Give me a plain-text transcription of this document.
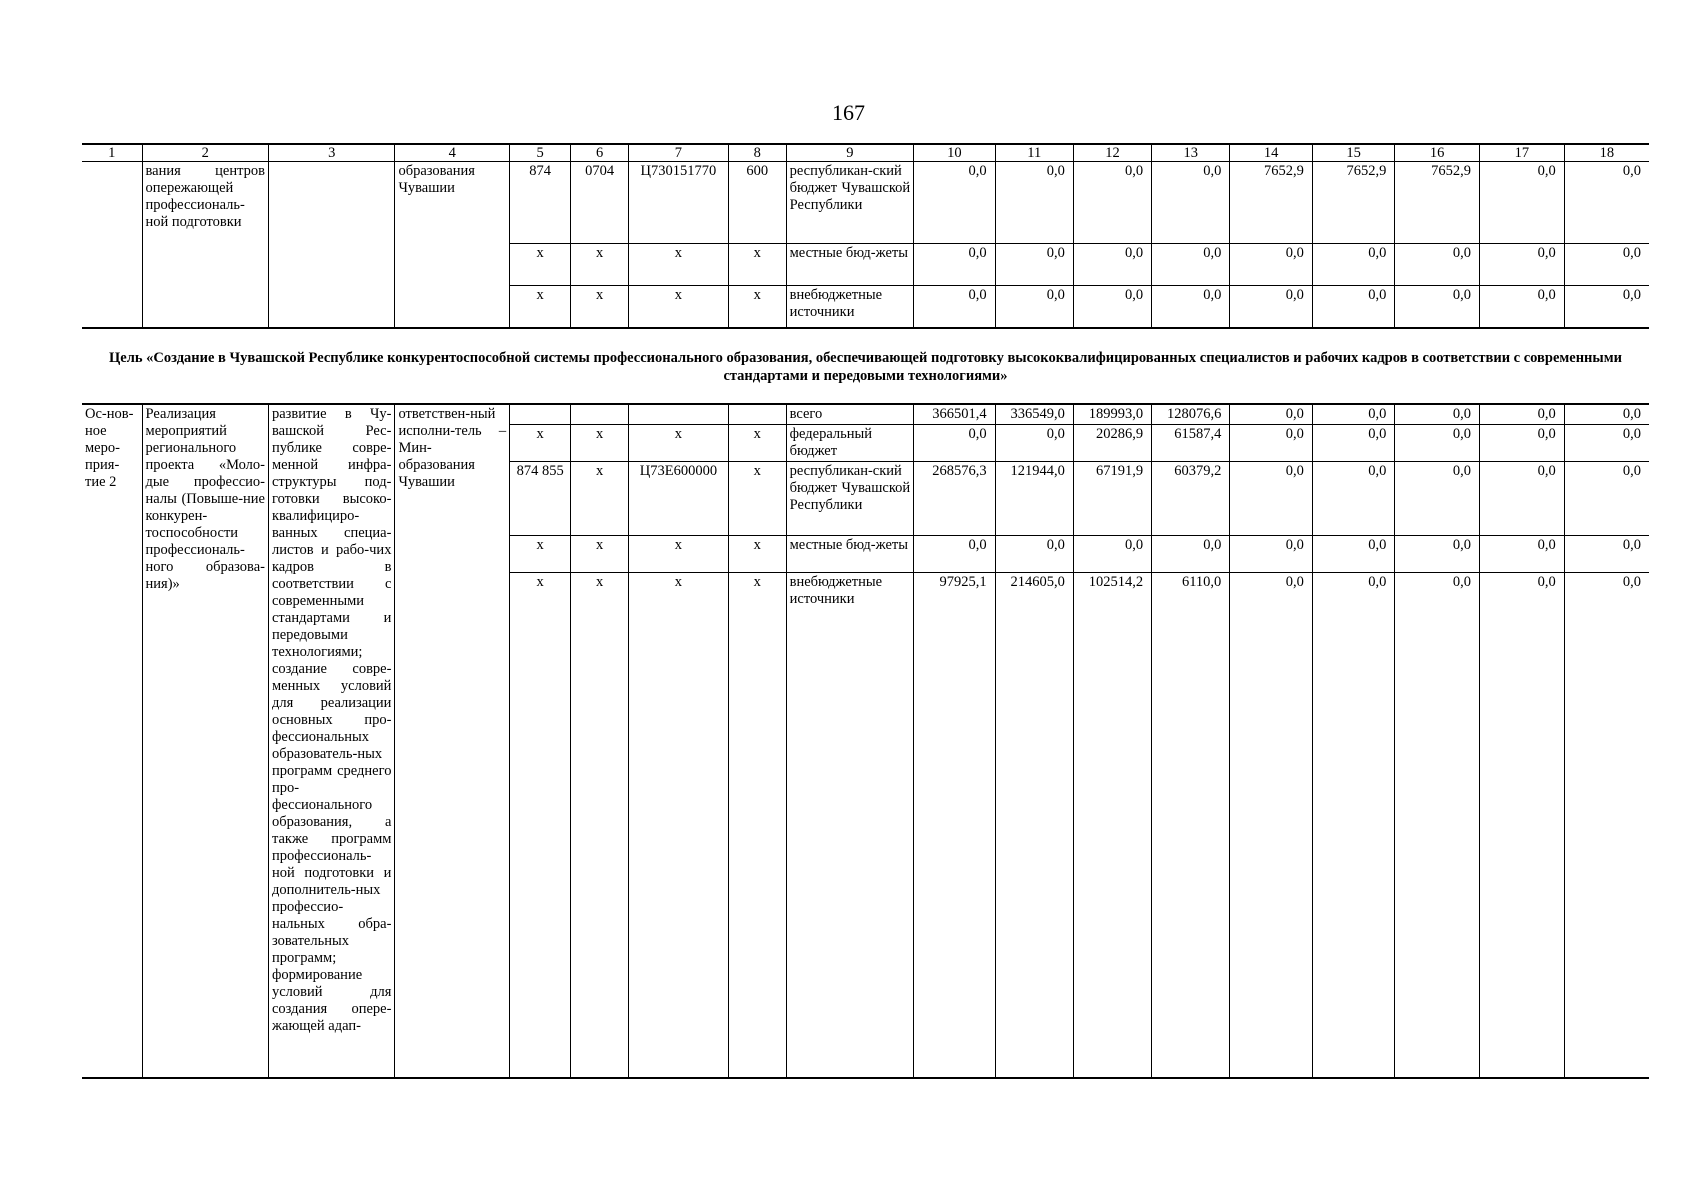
167
1	2	3	4	5	6	7	8	9	10	11	12	13	14	15	16	17	18
	вания центров опережающей профессиональ-ной подготовки		образования Чувашии	874	0704	Ц730151770	600	республикан-ский бюджет Чувашской Республики	0,0	0,0	0,0	0,0	7652,9	7652,9	7652,9	0,0	0,0
				х	х	х	х	местные бюд-жеты	0,0	0,0	0,0	0,0	0,0	0,0	0,0	0,0	0,0
				х	х	х	х	внебюджетные источники	0,0	0,0	0,0	0,0	0,0	0,0	0,0	0,0	0,0
Цель «Создание в Чувашской Республике конкурентоспособной системы профессионального образования, обеспечивающей подготовку высококвалифицированных специалистов и рабочих кадров в соответствии с современными стандартами и передовыми технологиями»
Ос-нов-ное меро-прия-тие 2	Реализация мероприятий регионального проекта «Моло-дые профессио-налы (Повыше-ние конкурен-тоспособности профессиональ-ного образова-ния)»	развитие в Чу-вашской Рес-публике совре-менной инфра-структуры под-готовки высоко-квалифициро-ванных специа-листов и рабо-чих кадров в соответствии с современными стандартами и передовыми технологиями; создание совре-менных условий для реализации основных про-фессиональных образователь-ных программ среднего про-фессионального образования, а также программ профессиональ-ной подготовки и дополнитель-ных профессио-нальных обра-зовательных программ; формирование условий для создания опере-жающей адап-	ответствен-ный исполни-тель – Мин-образования Чувашии					всего	366501,4	336549,0	189993,0	128076,6	0,0	0,0	0,0	0,0	0,0
				х	х	х	х	федеральный бюджет	0,0	0,0	20286,9	61587,4	0,0	0,0	0,0	0,0	0,0
				874 855	х	Ц73Е600000	х	республикан-ский бюджет Чувашской Республики	268576,3	121944,0	67191,9	60379,2	0,0	0,0	0,0	0,0	0,0
				х	х	х	х	местные бюд-жеты	0,0	0,0	0,0	0,0	0,0	0,0	0,0	0,0	0,0
				х	х	х	х	внебюджетные источники	97925,1	214605,0	102514,2	6110,0	0,0	0,0	0,0	0,0	0,0
